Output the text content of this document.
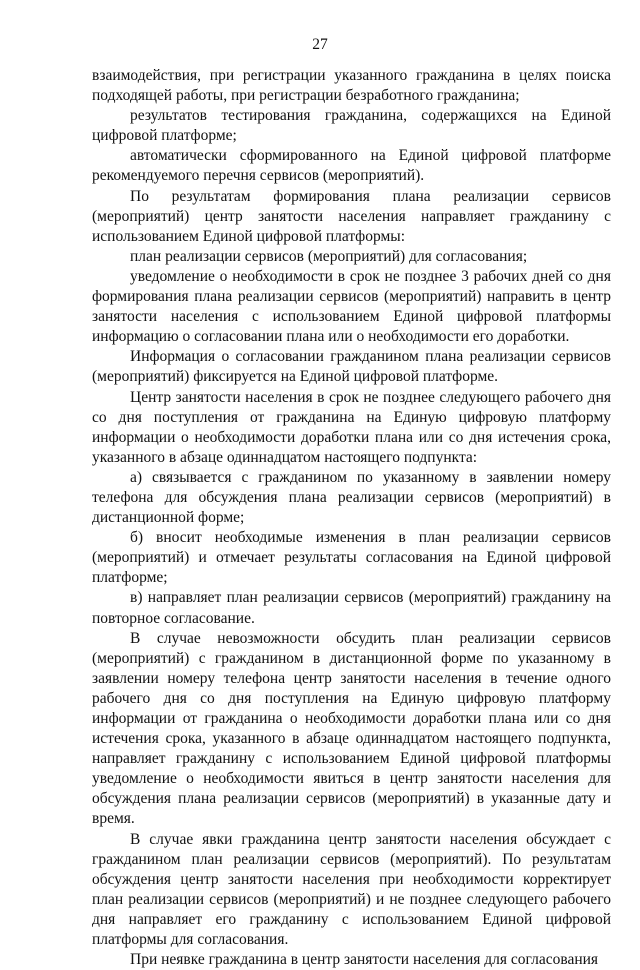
27

взаимодействия, при регистрации указанного гражданина в целях поиска подходящей работы, при регистрации безработного гражданина;

результатов тестирования гражданина, содержащихся на Единой цифровой платформе;

автоматически сформированного на Единой цифровой платформе рекомендуемого перечня сервисов (мероприятий).

По результатам формирования плана реализации сервисов (мероприятий) центр занятости населения направляет гражданину с использованием Единой цифровой платформы:

план реализации сервисов (мероприятий) для согласования;

уведомление о необходимости в срок не позднее 3 рабочих дней со дня формирования плана реализации сервисов (мероприятий) направить в центр занятости населения с использованием Единой цифровой платформы информацию о согласовании плана или о необходимости его доработки.

Информация о согласовании гражданином плана реализации сервисов (мероприятий) фиксируется на Единой цифровой платформе.

Центр занятости населения в срок не позднее следующего рабочего дня со дня поступления от гражданина на Единую цифровую платформу информации о необходимости доработки плана или со дня истечения срока, указанного в абзаце одиннадцатом настоящего подпункта:

а) связывается с гражданином по указанному в заявлении номеру телефона для обсуждения плана реализации сервисов (мероприятий) в дистанционной форме;

б) вносит необходимые изменения в план реализации сервисов (мероприятий) и отмечает результаты согласования на Единой цифровой платформе;

в) направляет план реализации сервисов (мероприятий) гражданину на повторное согласование.

В случае невозможности обсудить план реализации сервисов (мероприятий) с гражданином в дистанционной форме по указанному в заявлении номеру телефона центр занятости населения в течение одного рабочего дня со дня поступления на Единую цифровую платформу информации от гражданина о необходимости доработки плана или со дня истечения срока, указанного в абзаце одиннадцатом настоящего подпункта, направляет гражданину с использованием Единой цифровой платформы уведомление о необходимости явиться в центр занятости населения для обсуждения плана реализации сервисов (мероприятий) в указанные дату и время.

В случае явки гражданина центр занятости населения обсуждает с гражданином план реализации сервисов (мероприятий). По результатам обсуждения центр занятости населения при необходимости корректирует план реализации сервисов (мероприятий) и не позднее следующего рабочего дня направляет его гражданину с использованием Единой цифровой платформы для согласования.

При неявке гражданина в центр занятости населения для согласования
